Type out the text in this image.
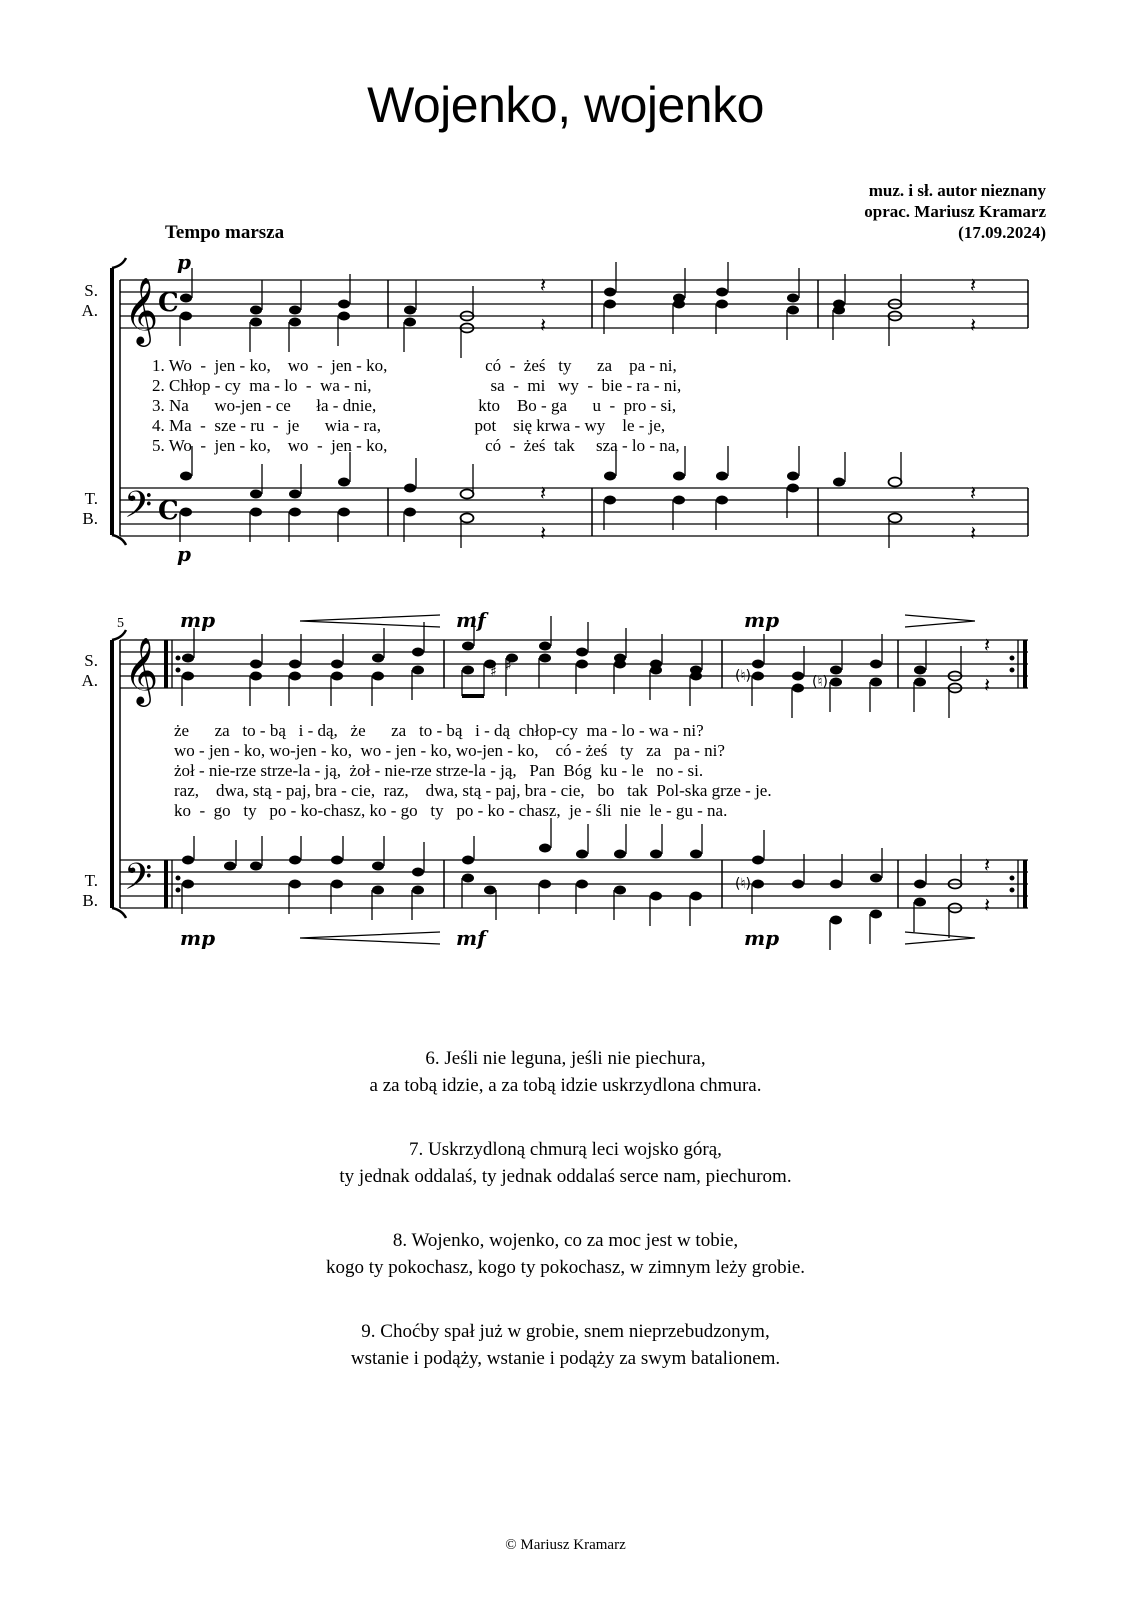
Wojenko, wojenko
muz. i sł. autor nieznany
oprac. Mariusz Kramarz
(17.09.2024)
Tempo marsza
𝄞
𝄢
C
C
𝄽
𝄽
𝄽
𝄽
𝄽
𝄽
𝄽
𝄽
S.
A.
T.
B.
p
p
1. Wo  -  jen - ko,    wo  -  jen - ko,                       có  -  żeś   ty      za    pa - ni,
2. Chłop - cy  ma - lo  -  wa - ni,                            sa  -  mi   wy  -  bie - ra - ni,
3. Na      wo-jen - ce      ła - dnie,                        kto    Bo - ga      u  -  pro - si,
4. Ma  -  sze - ru  -  je      wia - ra,                      pot    się krwa - wy    le - je,
5. Wo  -  jen - ko,    wo  -  jen - ko,                       có  -  żeś  tak     sza - lo - na,
𝄞
𝄢
♯ ♯
(♮)	(♮)
𝄽
𝄽
(♮)
𝄽
𝄽
5
S.
A.
T.
B.
mp	mf	mp
mp	mf	mp
że      za   to - bą   i - dą,   że      za   to - bą   i - dą  chłop-cy  ma - lo - wa - ni?
wo - jen - ko, wo-jen - ko,  wo - jen - ko, wo-jen - ko,    có - żeś   ty   za   pa - ni?
żoł - nie-rze strze-la - ją,  żoł - nie-rze strze-la - ją,   Pan  Bóg  ku - le   no - si.
raz,    dwa, stą - paj, bra - cie,  raz,    dwa, stą - paj, bra - cie,   bo   tak  Pol-ska grze - je.
ko  -  go   ty   po - ko-chasz, ko - go   ty   po - ko - chasz,  je - śli  nie  le - gu - na.

6. Jeśli nie leguna, jeśli nie piechura,

a za tobą idzie, a za tobą idzie uskrzydlona chmura.

7. Uskrzydloną chmurą leci wojsko górą,

ty jednak oddalaś, ty jednak oddalaś serce nam, piechurom.

8. Wojenko, wojenko, co za moc jest w tobie,

kogo ty pokochasz, kogo ty pokochasz, w zimnym leży grobie.

9. Choćby spał już w grobie, snem nieprzebudzonym,

wstanie i podąży, wstanie i podąży za swym batalionem.

© Mariusz Kramarz
